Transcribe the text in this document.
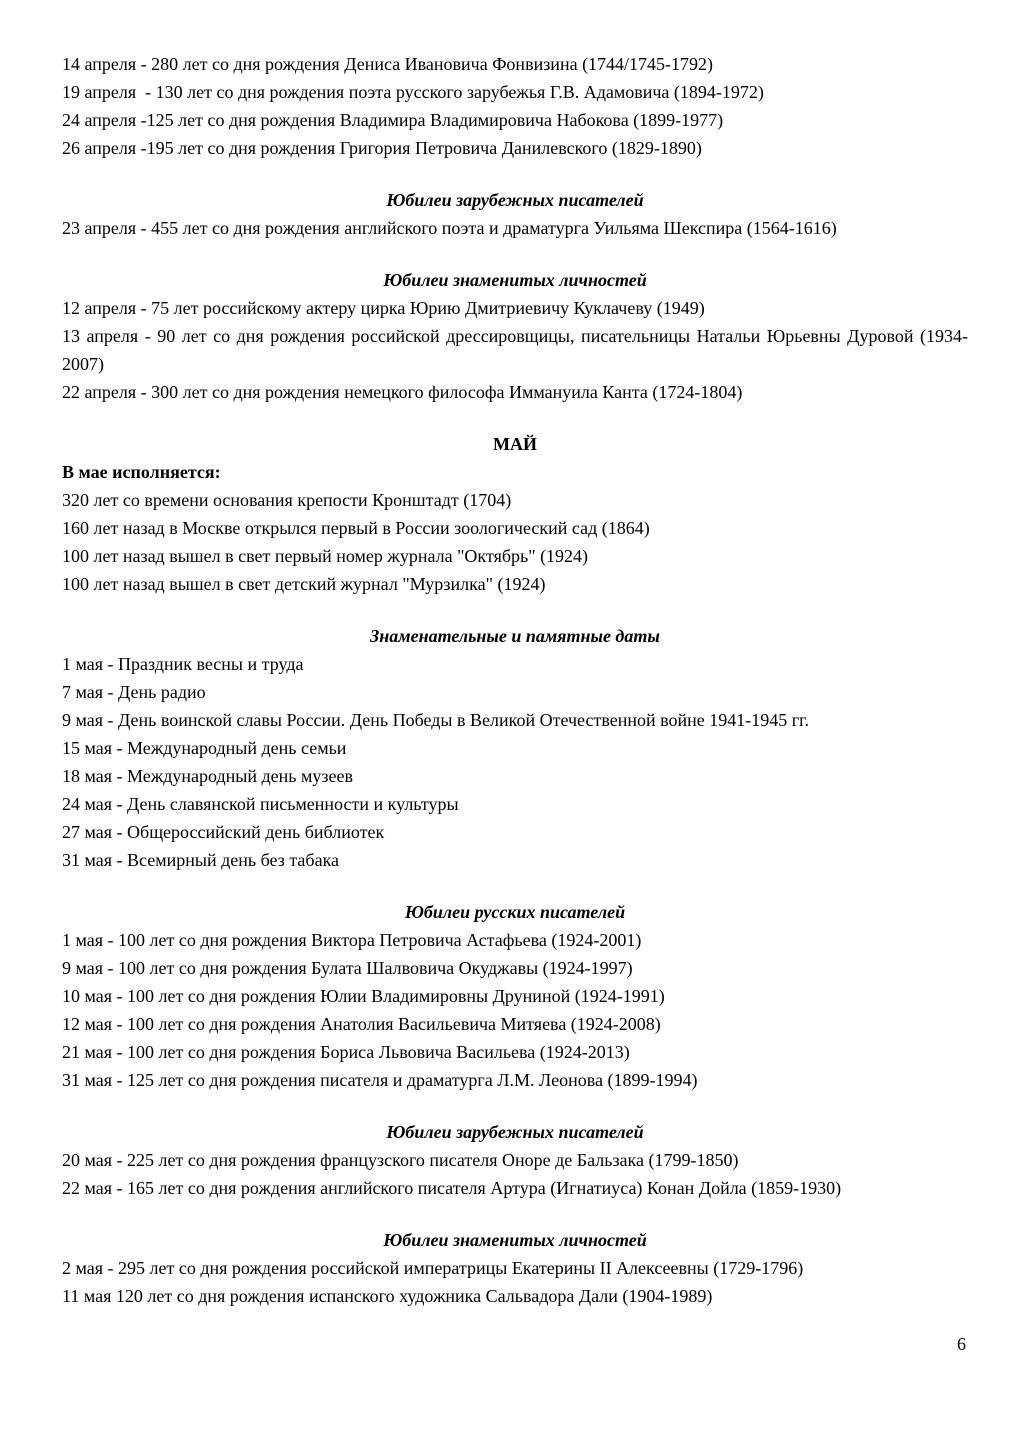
14 апреля - 280 лет со дня рождения Дениса Ивановича Фонвизина (1744/1745-1792)

19 апреля  - 130 лет со дня рождения поэта русского зарубежья Г.В. Адамовича (1894-1972)

24 апреля -125 лет со дня рождения Владимира Владимировича Набокова (1899-1977)

26 апреля -195 лет со дня рождения Григория Петровича Данилевского (1829-1890)

Юбилеи зарубежных писателей

23 апреля - 455 лет со дня рождения английского поэта и драматурга Уильяма Шекспира (1564-1616)

Юбилеи знаменитых личностей

12 апреля - 75 лет российскому актеру цирка Юрию Дмитриевичу Куклачеву (1949)

13 апреля - 90 лет со дня рождения российской дрессировщицы, писательницы Натальи Юрьевны Дуровой (1934-2007)

22 апреля - 300 лет со дня рождения немецкого философа Иммануила Канта (1724-1804)

МАЙ

В мае исполняется:

320 лет со времени основания крепости Кронштадт (1704)

160 лет назад в Москве открылся первый в России зоологический сад (1864)

100 лет назад вышел в свет первый номер журнала "Октябрь" (1924)

100 лет назад вышел в свет детский журнал "Мурзилка" (1924)

Знаменательные и памятные даты

1 мая - Праздник весны и труда

7 мая - День радио

9 мая - День воинской славы России. День Победы в Великой Отечественной войне 1941-1945 гг.

15 мая - Международный день семьи

18 мая - Международный день музеев

24 мая - День славянской письменности и культуры

27 мая - Общероссийский день библиотек

31 мая - Всемирный день без табака

Юбилеи русских писателей

1 мая - 100 лет со дня рождения Виктора Петровича Астафьева (1924-2001)

9 мая - 100 лет со дня рождения Булата Шалвовича Окуджавы (1924-1997)

10 мая - 100 лет со дня рождения Юлии Владимировны Друниной (1924-1991)

12 мая - 100 лет со дня рождения Анатолия Васильевича Митяева (1924-2008)

21 мая - 100 лет со дня рождения Бориса Львовича Васильева (1924-2013)

31 мая - 125 лет со дня рождения писателя и драматурга Л.М. Леонова (1899-1994)

Юбилеи зарубежных писателей

20 мая - 225 лет со дня рождения французского писателя Оноре де Бальзака (1799-1850)

22 мая - 165 лет со дня рождения английского писателя Артура (Игнатиуса) Конан Дойла (1859-1930)

Юбилеи знаменитых личностей

2 мая - 295 лет со дня рождения российской императрицы Екатерины II Алексеевны (1729-1796)

11 мая 120 лет со дня рождения испанского художника Сальвадора Дали (1904-1989)

6
